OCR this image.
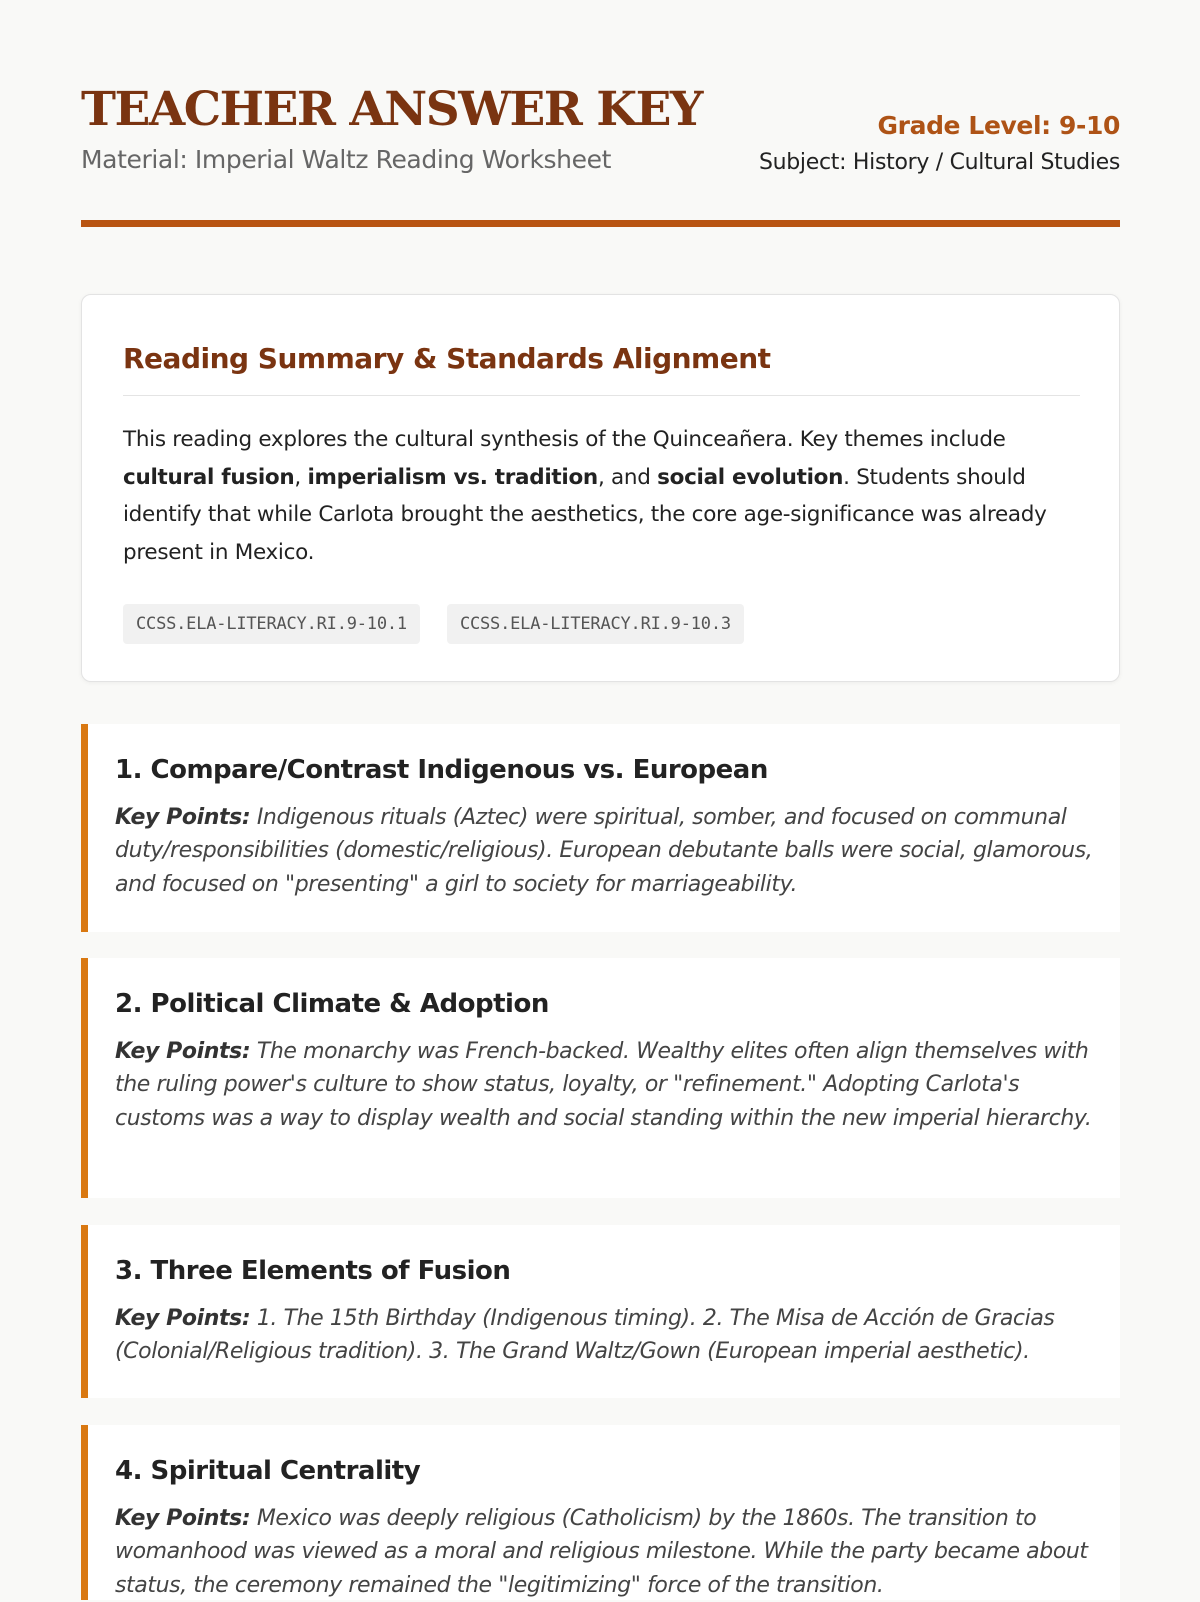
TEACHER ANSWER KEY
Material: Imperial Waltz Reading Worksheet
Grade Level: 9-10
Subject: History / Cultural Studies
Reading Summary & Standards Alignment

This reading explores the cultural synthesis of the Quinceañera. Key themes include cultural fusion, imperialism vs. tradition, and social evolution. Students should identify that while Carlota brought the aesthetics, the core age-significance was already present in Mexico.

CCSS.ELA-LITERACY.RI.9-10.1	CCSS.ELA-LITERACY.RI.9-10.3
1. Compare/Contrast Indigenous vs. European

Key Points: Indigenous rituals (Aztec) were spiritual, somber, and focused on communal duty/responsibilities (domestic/religious). European debutante balls were social, glamorous, and focused on "presenting" a girl to society for marriageability.

2. Political Climate & Adoption

Key Points: The monarchy was French-backed. Wealthy elites often align themselves with the ruling power's culture to show status, loyalty, or "refinement." Adopting Carlota's customs was a way to display wealth and social standing within the new imperial hierarchy.

3. Three Elements of Fusion

Key Points: 1. The 15th Birthday (Indigenous timing). 2. The Misa de Acción de Gracias (Colonial/Religious tradition). 3. The Grand Waltz/Gown (European imperial aesthetic).

4. Spiritual Centrality

Key Points: Mexico was deeply religious (Catholicism) by the 1860s. The transition to womanhood was viewed as a moral and religious milestone. While the party became about status, the ceremony remained the "legitimizing" force of the transition.
